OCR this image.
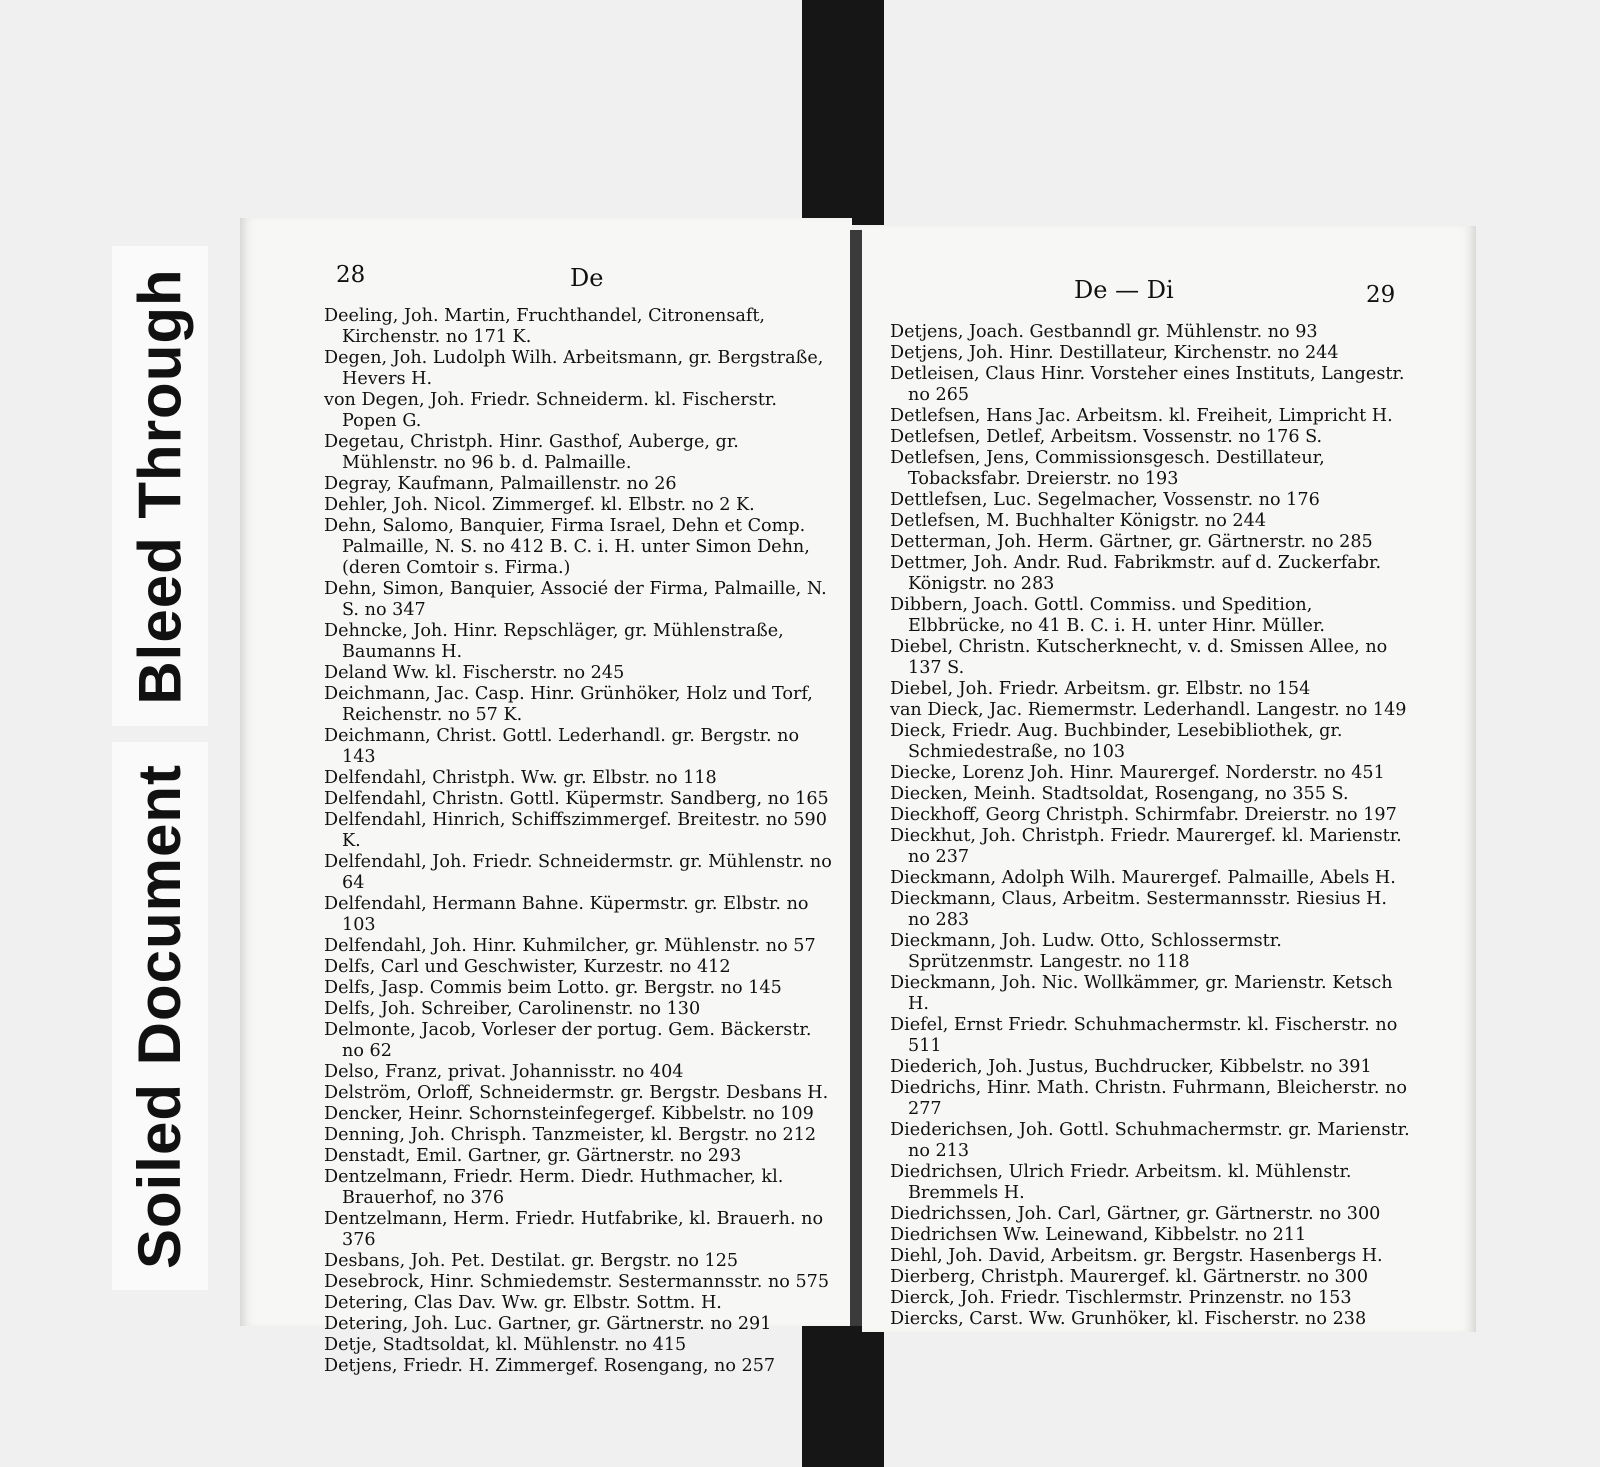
Bleed Through
Soiled Document
28	De
Deeling, Joh. Martin, Fruchthandel, Citronensaft, Kirchenstr. no 171 K.
Degen, Joh. Ludolph Wilh. Arbeitsmann, gr. Bergstraße, Hevers H.
von Degen, Joh. Friedr. Schneiderm. kl. Fischerstr. Popen G.
Degetau, Christph. Hinr. Gasthof, Auberge, gr. Mühlenstr. no 96 b. d. Palmaille.
Degray, Kaufmann, Palmaillenstr. no 26
Dehler, Joh. Nicol. Zimmergef. kl. Elbstr. no 2 K.
Dehn, Salomo, Banquier, Firma Israel, Dehn et Comp. Palmaille, N. S. no 412 B. C. i. H. unter Simon Dehn, (deren Comtoir s. Firma.)
Dehn, Simon, Banquier, Associé der Firma, Palmaille, N. S. no 347
Dehncke, Joh. Hinr. Repschläger, gr. Mühlenstraße, Baumanns H.
Deland Ww. kl. Fischerstr. no 245
Deichmann, Jac. Casp. Hinr. Grünhöker, Holz und Torf, Reichenstr. no 57 K.
Deichmann, Christ. Gottl. Lederhandl. gr. Bergstr. no 143
Delfendahl, Christph. Ww. gr. Elbstr. no 118
Delfendahl, Christn. Gottl. Küpermstr. Sandberg, no 165
Delfendahl, Hinrich, Schiffszimmergef. Breitestr. no 590 K.
Delfendahl, Joh. Friedr. Schneidermstr. gr. Mühlenstr. no 64
Delfendahl, Hermann Bahne. Küpermstr. gr. Elbstr. no 103
Delfendahl, Joh. Hinr. Kuhmilcher, gr. Mühlenstr. no 57
Delfs, Carl und Geschwister, Kurzestr. no 412
Delfs, Jasp. Commis beim Lotto. gr. Bergstr. no 145
Delfs, Joh. Schreiber, Carolinenstr. no 130
Delmonte, Jacob, Vorleser der portug. Gem. Bäckerstr. no 62
Delso, Franz, privat. Johannisstr. no 404
Delström, Orloff, Schneidermstr. gr. Bergstr. Desbans H.
Dencker, Heinr. Schornsteinfegergef. Kibbelstr. no 109
Denning, Joh. Chrisph. Tanzmeister, kl. Bergstr. no 212
Denstadt, Emil. Gartner, gr. Gärtnerstr. no 293
Dentzelmann, Friedr. Herm. Diedr. Huthmacher, kl. Brauerhof, no 376
Dentzelmann, Herm. Friedr. Hutfabrike, kl. Brauerh. no 376
Desbans, Joh. Pet. Destilat. gr. Bergstr. no 125
Desebrock, Hinr. Schmiedemstr. Sestermannsstr. no 575
Detering, Clas Dav. Ww. gr. Elbstr. Sottm. H.
Detering, Joh. Luc. Gartner, gr. Gärtnerstr. no 291
Detje, Stadtsoldat, kl. Mühlenstr. no 415
Detjens, Friedr. H. Zimmergef. Rosengang, no 257
De — Di	29
Detjens, Joach. Gestbanndl gr. Mühlenstr. no 93
Detjens, Joh. Hinr. Destillateur, Kirchenstr. no 244
Detleisen, Claus Hinr. Vorsteher eines Instituts, Langestr. no 265
Detlefsen, Hans Jac. Arbeitsm. kl. Freiheit, Limpricht H.
Detlefsen, Detlef, Arbeitsm. Vossenstr. no 176 S.
Detlefsen, Jens, Commissionsgesch. Destillateur, Tobacksfabr. Dreierstr. no 193
Dettlefsen, Luc. Segelmacher, Vossenstr. no 176
Detlefsen, M. Buchhalter Königstr. no 244
Detterman, Joh. Herm. Gärtner, gr. Gärtnerstr. no 285
Dettmer, Joh. Andr. Rud. Fabrikmstr. auf d. Zuckerfabr. Königstr. no 283
Dibbern, Joach. Gottl. Commiss. und Spedition, Elbbrücke, no 41 B. C. i. H. unter Hinr. Müller.
Diebel, Christn. Kutscherknecht, v. d. Smissen Allee, no 137 S.
Diebel, Joh. Friedr. Arbeitsm. gr. Elbstr. no 154
van Dieck, Jac. Riemermstr. Lederhandl. Langestr. no 149
Dieck, Friedr. Aug. Buchbinder, Lesebibliothek, gr. Schmiedestraße, no 103
Diecke, Lorenz Joh. Hinr. Maurergef. Norderstr. no 451
Diecken, Meinh. Stadtsoldat, Rosengang, no 355 S.
Dieckhoff, Georg Christph. Schirmfabr. Dreierstr. no 197
Dieckhut, Joh. Christph. Friedr. Maurergef. kl. Marienstr. no 237
Dieckmann, Adolph Wilh. Maurergef. Palmaille, Abels H.
Dieckmann, Claus, Arbeitm. Sestermannsstr. Riesius H. no 283
Dieckmann, Joh. Ludw. Otto, Schlossermstr. Sprützenmstr. Langestr. no 118
Dieckmann, Joh. Nic. Wollkämmer, gr. Marienstr. Ketsch H.
Diefel, Ernst Friedr. Schuhmachermstr. kl. Fischerstr. no 511
Diederich, Joh. Justus, Buchdrucker, Kibbelstr. no 391
Diedrichs, Hinr. Math. Christn. Fuhrmann, Bleicherstr. no 277
Diederichsen, Joh. Gottl. Schuhmachermstr. gr. Marienstr. no 213
Diedrichsen, Ulrich Friedr. Arbeitsm. kl. Mühlenstr. Bremmels H.
Diedrichssen, Joh. Carl, Gärtner, gr. Gärtnerstr. no 300
Diedrichsen Ww. Leinewand, Kibbelstr. no 211
Diehl, Joh. David, Arbeitsm. gr. Bergstr. Hasenbergs H.
Dierberg, Christph. Maurergef. kl. Gärtnerstr. no 300
Dierck, Joh. Friedr. Tischlermstr. Prinzenstr. no 153
Diercks, Carst. Ww. Grunhöker, kl. Fischerstr. no 238
